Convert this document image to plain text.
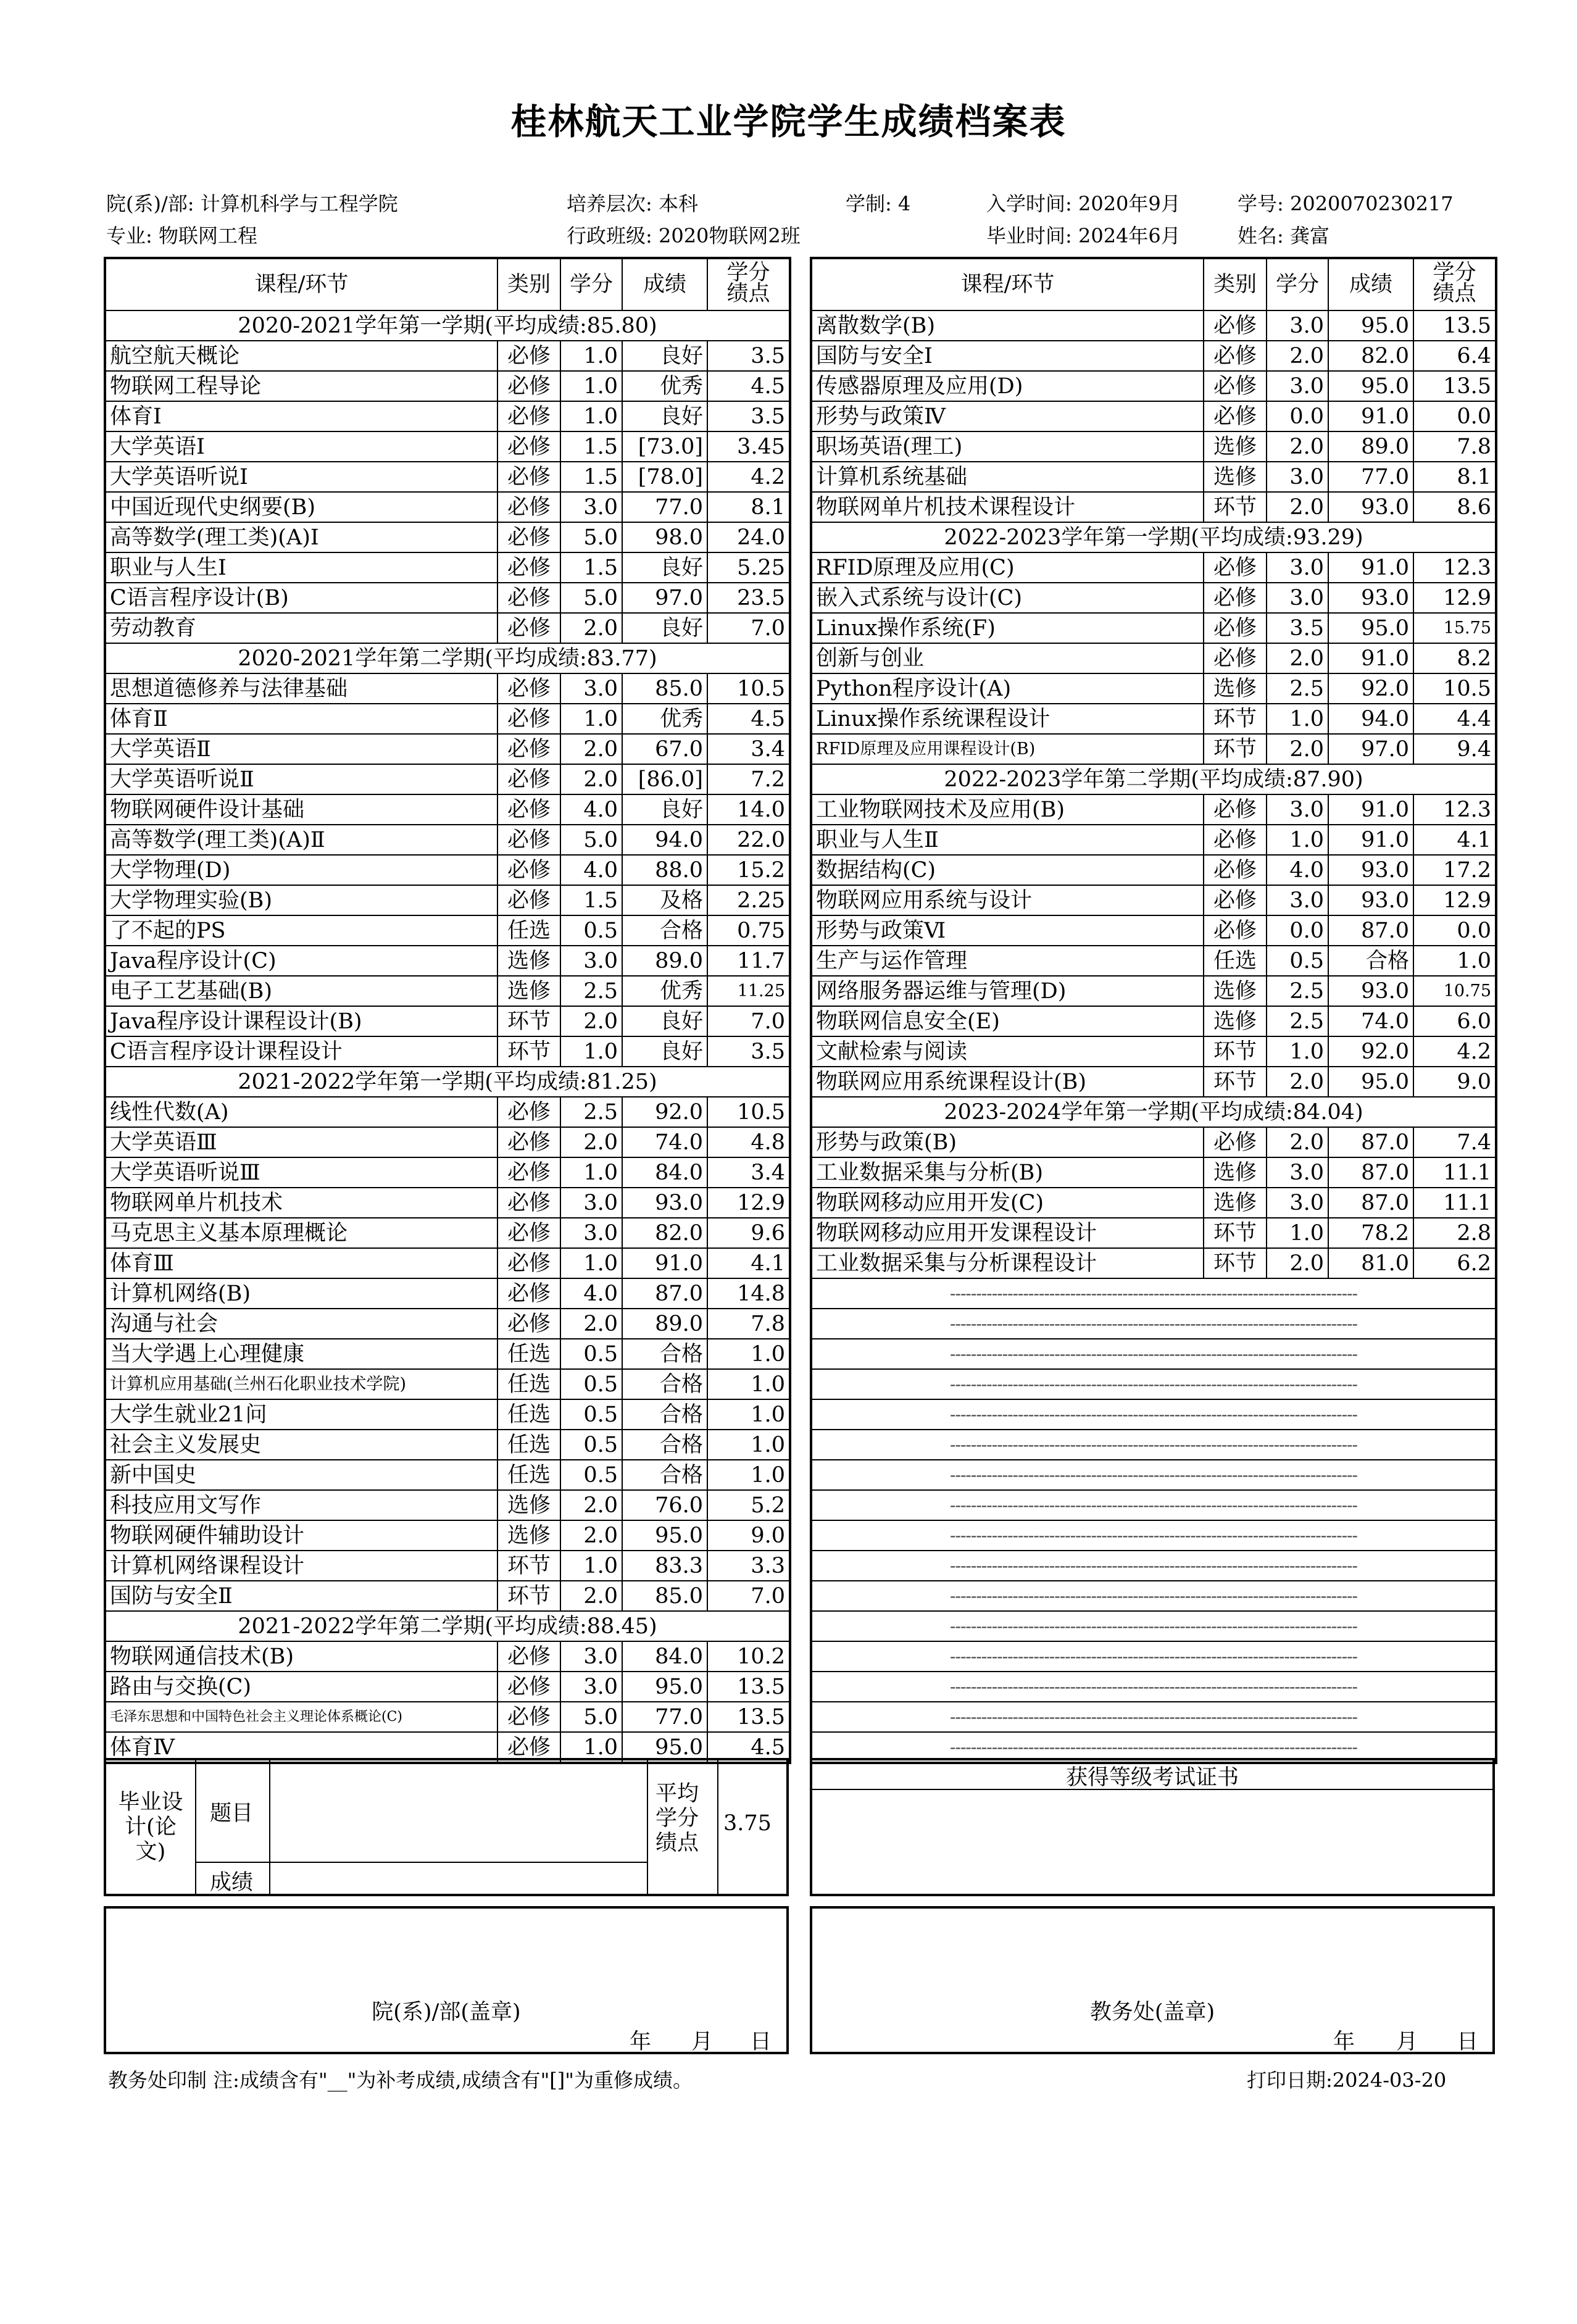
桂林航天工业学院学生成绩档案表
院(系)/部: 计算机科学与工程学院	培养层次: 本科	学制: 4	入学时间: 2020年9月	学号: 2020070230217
专业: 物联网工程	行政班级: 2020物联网2班	毕业时间: 2024年6月	姓名: 龚富
课程/环节	类别	学分	成绩	学分
绩点
2020-2021学年第一学期(平均成绩:85.80)				
航空航天概论	必修	1.0	良好	3.5
物联网工程导论	必修	1.0	优秀	4.5
体育Ⅰ	必修	1.0	良好	3.5
大学英语Ⅰ	必修	1.5	[73.0]	3.45
大学英语听说Ⅰ	必修	1.5	[78.0]	4.2
中国近现代史纲要(B)	必修	3.0	77.0	8.1
高等数学(理工类)(A)Ⅰ	必修	5.0	98.0	24.0
职业与人生Ⅰ	必修	1.5	良好	5.25
C语言程序设计(B)	必修	5.0	97.0	23.5
劳动教育	必修	2.0	良好	7.0
2020-2021学年第二学期(平均成绩:83.77)				
思想道德修养与法律基础	必修	3.0	85.0	10.5
体育Ⅱ	必修	1.0	优秀	4.5
大学英语Ⅱ	必修	2.0	67.0	3.4
大学英语听说Ⅱ	必修	2.0	[86.0]	7.2
物联网硬件设计基础	必修	4.0	良好	14.0
高等数学(理工类)(A)Ⅱ	必修	5.0	94.0	22.0
大学物理(D)	必修	4.0	88.0	15.2
大学物理实验(B)	必修	1.5	及格	2.25
了不起的PS	任选	0.5	合格	0.75
Java程序设计(C)	选修	3.0	89.0	11.7
电子工艺基础(B)	选修	2.5	优秀	11.25
Java程序设计课程设计(B)	环节	2.0	良好	7.0
C语言程序设计课程设计	环节	1.0	良好	3.5
2021-2022学年第一学期(平均成绩:81.25)				
线性代数(A)	必修	2.5	92.0	10.5
大学英语Ⅲ	必修	2.0	74.0	4.8
大学英语听说Ⅲ	必修	1.0	84.0	3.4
物联网单片机技术	必修	3.0	93.0	12.9
马克思主义基本原理概论	必修	3.0	82.0	9.6
体育Ⅲ	必修	1.0	91.0	4.1
计算机网络(B)	必修	4.0	87.0	14.8
沟通与社会	必修	2.0	89.0	7.8
当大学遇上心理健康	任选	0.5	合格	1.0
计算机应用基础(兰州石化职业技术学院)	任选	0.5	合格	1.0
大学生就业21问	任选	0.5	合格	1.0
社会主义发展史	任选	0.5	合格	1.0
新中国史	任选	0.5	合格	1.0
科技应用文写作	选修	2.0	76.0	5.2
物联网硬件辅助设计	选修	2.0	95.0	9.0
计算机网络课程设计	环节	1.0	83.3	3.3
国防与安全Ⅱ	环节	2.0	85.0	7.0
2021-2022学年第二学期(平均成绩:88.45)				
物联网通信技术(B)	必修	3.0	84.0	10.2
路由与交换(C)	必修	3.0	95.0	13.5
毛泽东思想和中国特色社会主义理论体系概论(C)	必修	5.0	77.0	13.5
体育Ⅳ	必修	1.0	95.0	4.5
课程/环节	类别	学分	成绩	学分
绩点
离散数学(B)	必修	3.0	95.0	13.5
国防与安全Ⅰ	必修	2.0	82.0	6.4
传感器原理及应用(D)	必修	3.0	95.0	13.5
形势与政策Ⅳ	必修	0.0	91.0	0.0
职场英语(理工)	选修	2.0	89.0	7.8
计算机系统基础	选修	3.0	77.0	8.1
物联网单片机技术课程设计	环节	2.0	93.0	8.6
2022-2023学年第一学期(平均成绩:93.29)				
RFID原理及应用(C)	必修	3.0	91.0	12.3
嵌入式系统与设计(C)	必修	3.0	93.0	12.9
Linux操作系统(F)	必修	3.5	95.0	15.75
创新与创业	必修	2.0	91.0	8.2
Python程序设计(A)	选修	2.5	92.0	10.5
Linux操作系统课程设计	环节	1.0	94.0	4.4
RFID原理及应用课程设计(B)	环节	2.0	97.0	9.4
2022-2023学年第二学期(平均成绩:87.90)				
工业物联网技术及应用(B)	必修	3.0	91.0	12.3
职业与人生Ⅱ	必修	1.0	91.0	4.1
数据结构(C)	必修	4.0	93.0	17.2
物联网应用系统与设计	必修	3.0	93.0	12.9
形势与政策Ⅵ	必修	0.0	87.0	0.0
生产与运作管理	任选	0.5	合格	1.0
网络服务器运维与管理(D)	选修	2.5	93.0	10.75
物联网信息安全(E)	选修	2.5	74.0	6.0
文献检索与阅读	环节	1.0	92.0	4.2
物联网应用系统课程设计(B)	环节	2.0	95.0	9.0
2023-2024学年第一学期(平均成绩:84.04)				
形势与政策(B)	必修	2.0	87.0	7.4
工业数据采集与分析(B)	选修	3.0	87.0	11.1
物联网移动应用开发(C)	选修	3.0	87.0	11.1
物联网移动应用开发课程设计	环节	1.0	78.2	2.8
工业数据采集与分析课程设计	环节	2.0	81.0	6.2
------------------------------------------------------------------------------				
------------------------------------------------------------------------------				
------------------------------------------------------------------------------				
------------------------------------------------------------------------------				
------------------------------------------------------------------------------				
------------------------------------------------------------------------------				
------------------------------------------------------------------------------				
------------------------------------------------------------------------------				
------------------------------------------------------------------------------				
------------------------------------------------------------------------------				
------------------------------------------------------------------------------				
------------------------------------------------------------------------------				
------------------------------------------------------------------------------				
------------------------------------------------------------------------------				
------------------------------------------------------------------------------				
------------------------------------------------------------------------------				
毕业设计(论文)
题目
成绩
平均学分绩点
3.75
获得等级考试证书
院(系)/部(盖章)
年 月 日
教务处(盖章)
年 月 日
教务处印制 注:成绩含有"__"为补考成绩,成绩含有"[]"为重修成绩。	打印日期:2024-03-20
